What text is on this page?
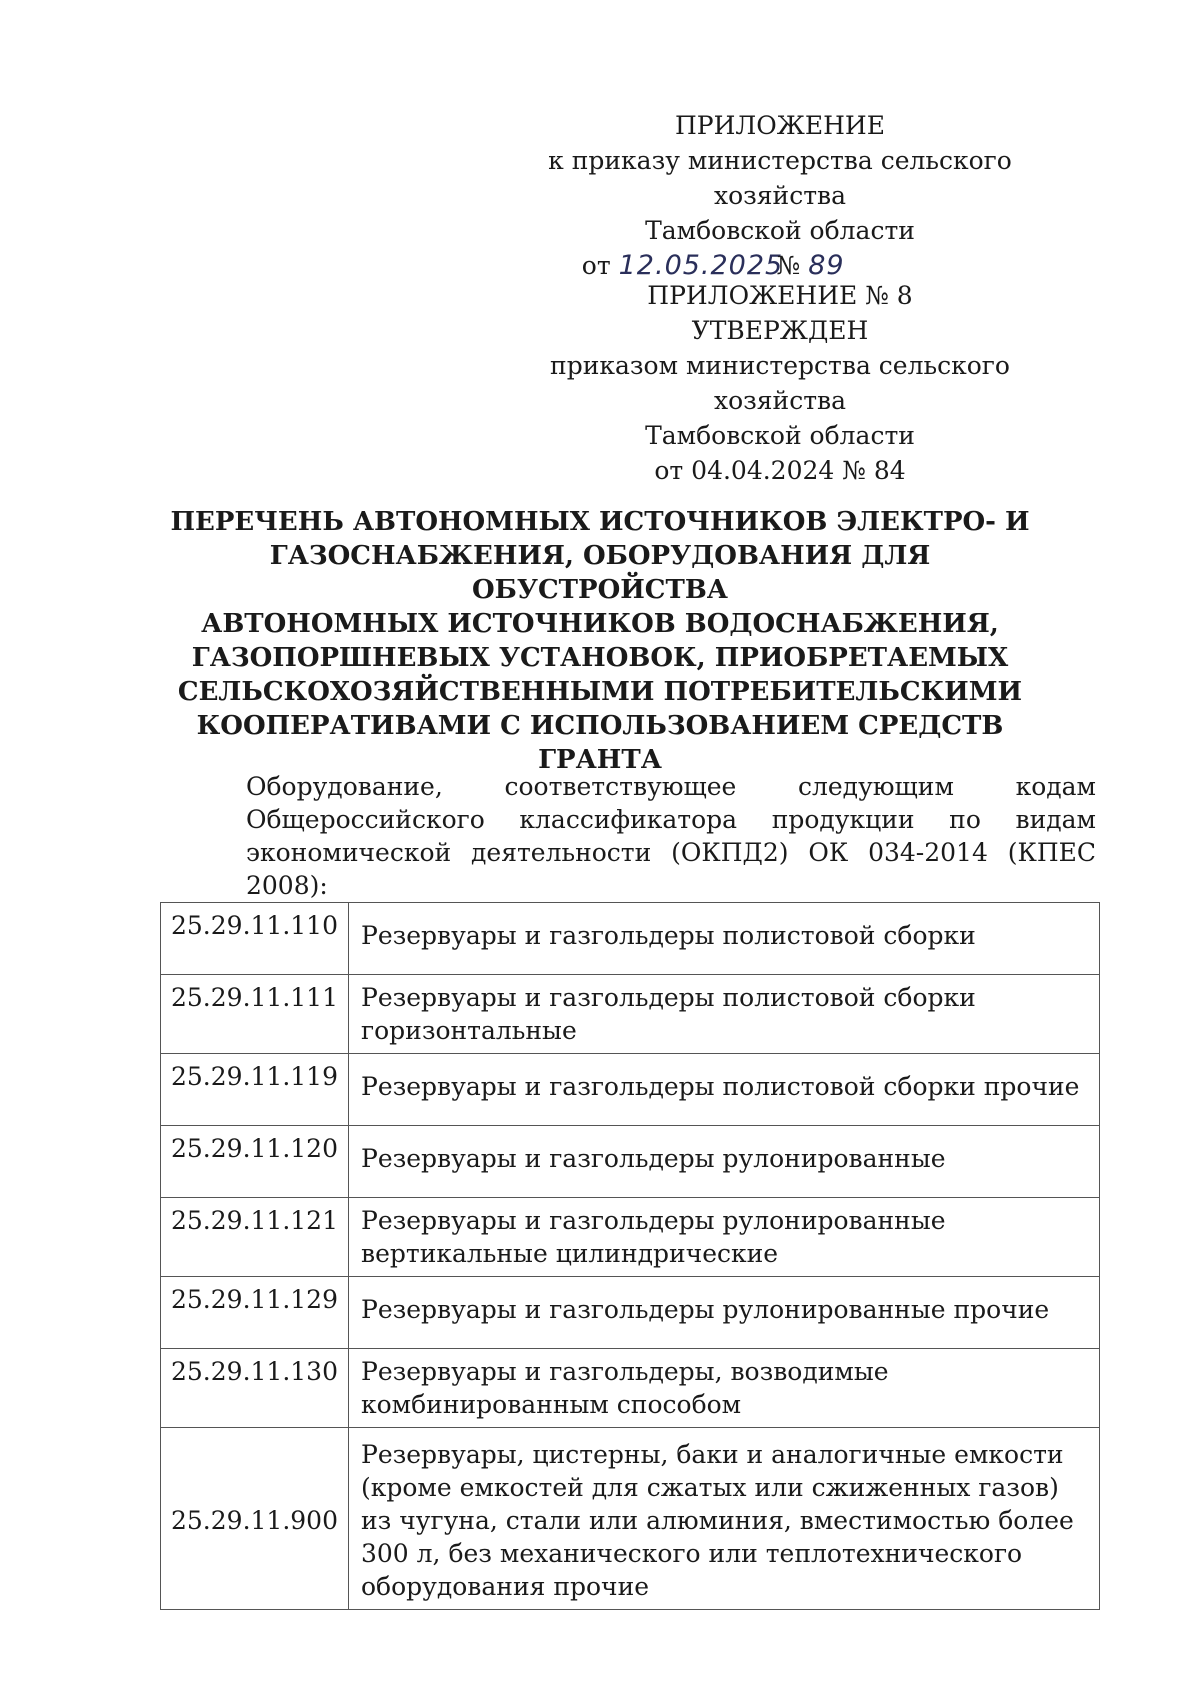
ПРИЛОЖЕНИЕ
к приказу министерства сельского хозяйства
Тамбовской области
от 12.05.2025 № 89
ПРИЛОЖЕНИЕ № 8
УТВЕРЖДЕН
приказом министерства сельского хозяйства
Тамбовской области
от 04.04.2024 № 84
ПЕРЕЧЕНЬ АВТОНОМНЫХ ИСТОЧНИКОВ ЭЛЕКТРО- И
ГАЗОСНАБЖЕНИЯ, ОБОРУДОВАНИЯ ДЛЯ ОБУСТРОЙСТВА
АВТОНОМНЫХ ИСТОЧНИКОВ ВОДОСНАБЖЕНИЯ,
ГАЗОПОРШНЕВЫХ УСТАНОВОК, ПРИОБРЕТАЕМЫХ
СЕЛЬСКОХОЗЯЙСТВЕННЫМИ ПОТРЕБИТЕЛЬСКИМИ
КООПЕРАТИВАМИ С ИСПОЛЬЗОВАНИЕМ СРЕДСТВ ГРАНТА
Оборудование, соответствующее следующим кодам Общероссийского классификатора продукции по видам экономической деятельности (ОКПД2) ОК 034-2014 (КПЕС 2008):
25.29.11.110	Резервуары и газгольдеры полистовой сборки
25.29.11.111	Резервуары и газгольдеры полистовой сборки горизонтальные
25.29.11.119	Резервуары и газгольдеры полистовой сборки прочие
25.29.11.120	Резервуары и газгольдеры рулонированные
25.29.11.121	Резервуары и газгольдеры рулонированные вертикальные цилиндрические
25.29.11.129	Резервуары и газгольдеры рулонированные прочие
25.29.11.130	Резервуары и газгольдеры, возводимые комбинированным способом
25.29.11.900	Резервуары, цистерны, баки и аналогичные емкости (кроме емкостей для сжатых или сжиженных газов) из чугуна, стали или алюминия, вместимостью более 300 л, без механического или теплотехнического оборудования прочие
